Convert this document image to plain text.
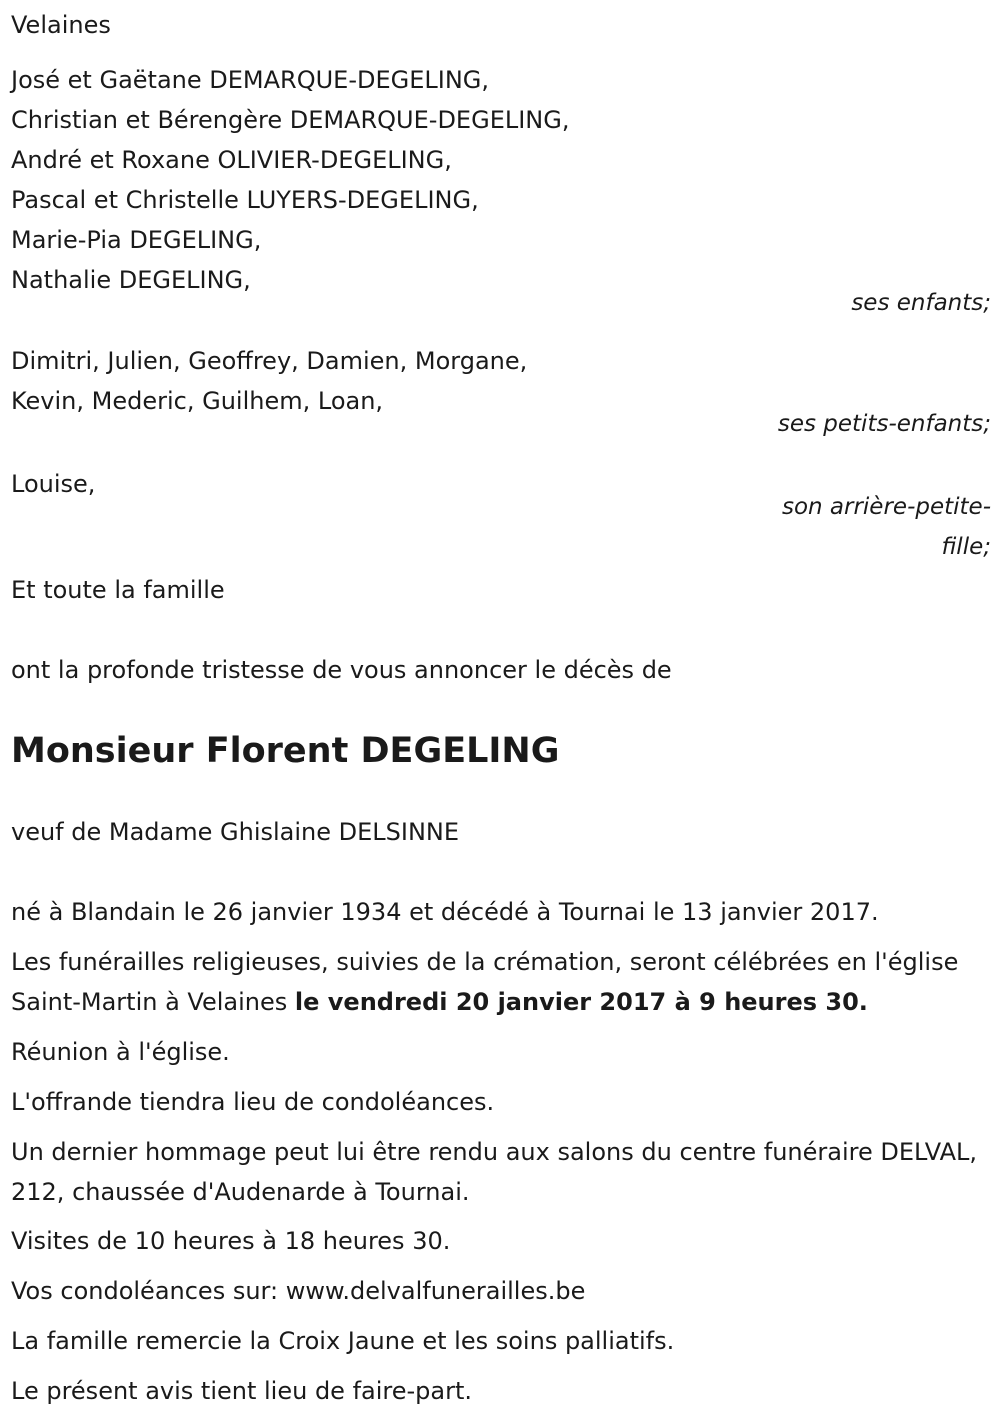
Velaines
José et Gaëtane DEMARQUE-DEGELING,
Christian et Bérengère DEMARQUE-DEGELING,
André et Roxane OLIVIER-DEGELING,
Pascal et Christelle LUYERS-DEGELING,
Marie-Pia DEGELING,
Nathalie DEGELING,
ses enfants;
Dimitri, Julien, Geoffrey, Damien, Morgane,
Kevin, Mederic, Guilhem, Loan,
ses petits-enfants;
Louise,
son arrière-petite-
fille;
Et toute la famille
ont la profonde tristesse de vous annoncer le décès de
Monsieur Florent DEGELING
veuf de Madame Ghislaine DELSINNE
né à Blandain le 26 janvier 1934 et décédé à Tournai le 13 janvier 2017.
Les funérailles religieuses, suivies de la crémation, seront célébrées en l'église Saint-Martin à Velaines le vendredi 20 janvier 2017 à 9 heures 30.
Réunion à l'église.
L'offrande tiendra lieu de condoléances.
Un dernier hommage peut lui être rendu aux salons du centre funéraire DELVAL, 212, chaussée d'Audenarde à Tournai.
Visites de 10 heures à 18 heures 30.
Vos condoléances sur: www.delvalfunerailles.be
La famille remercie la Croix Jaune et les soins palliatifs.
Le présent avis tient lieu de faire-part.
